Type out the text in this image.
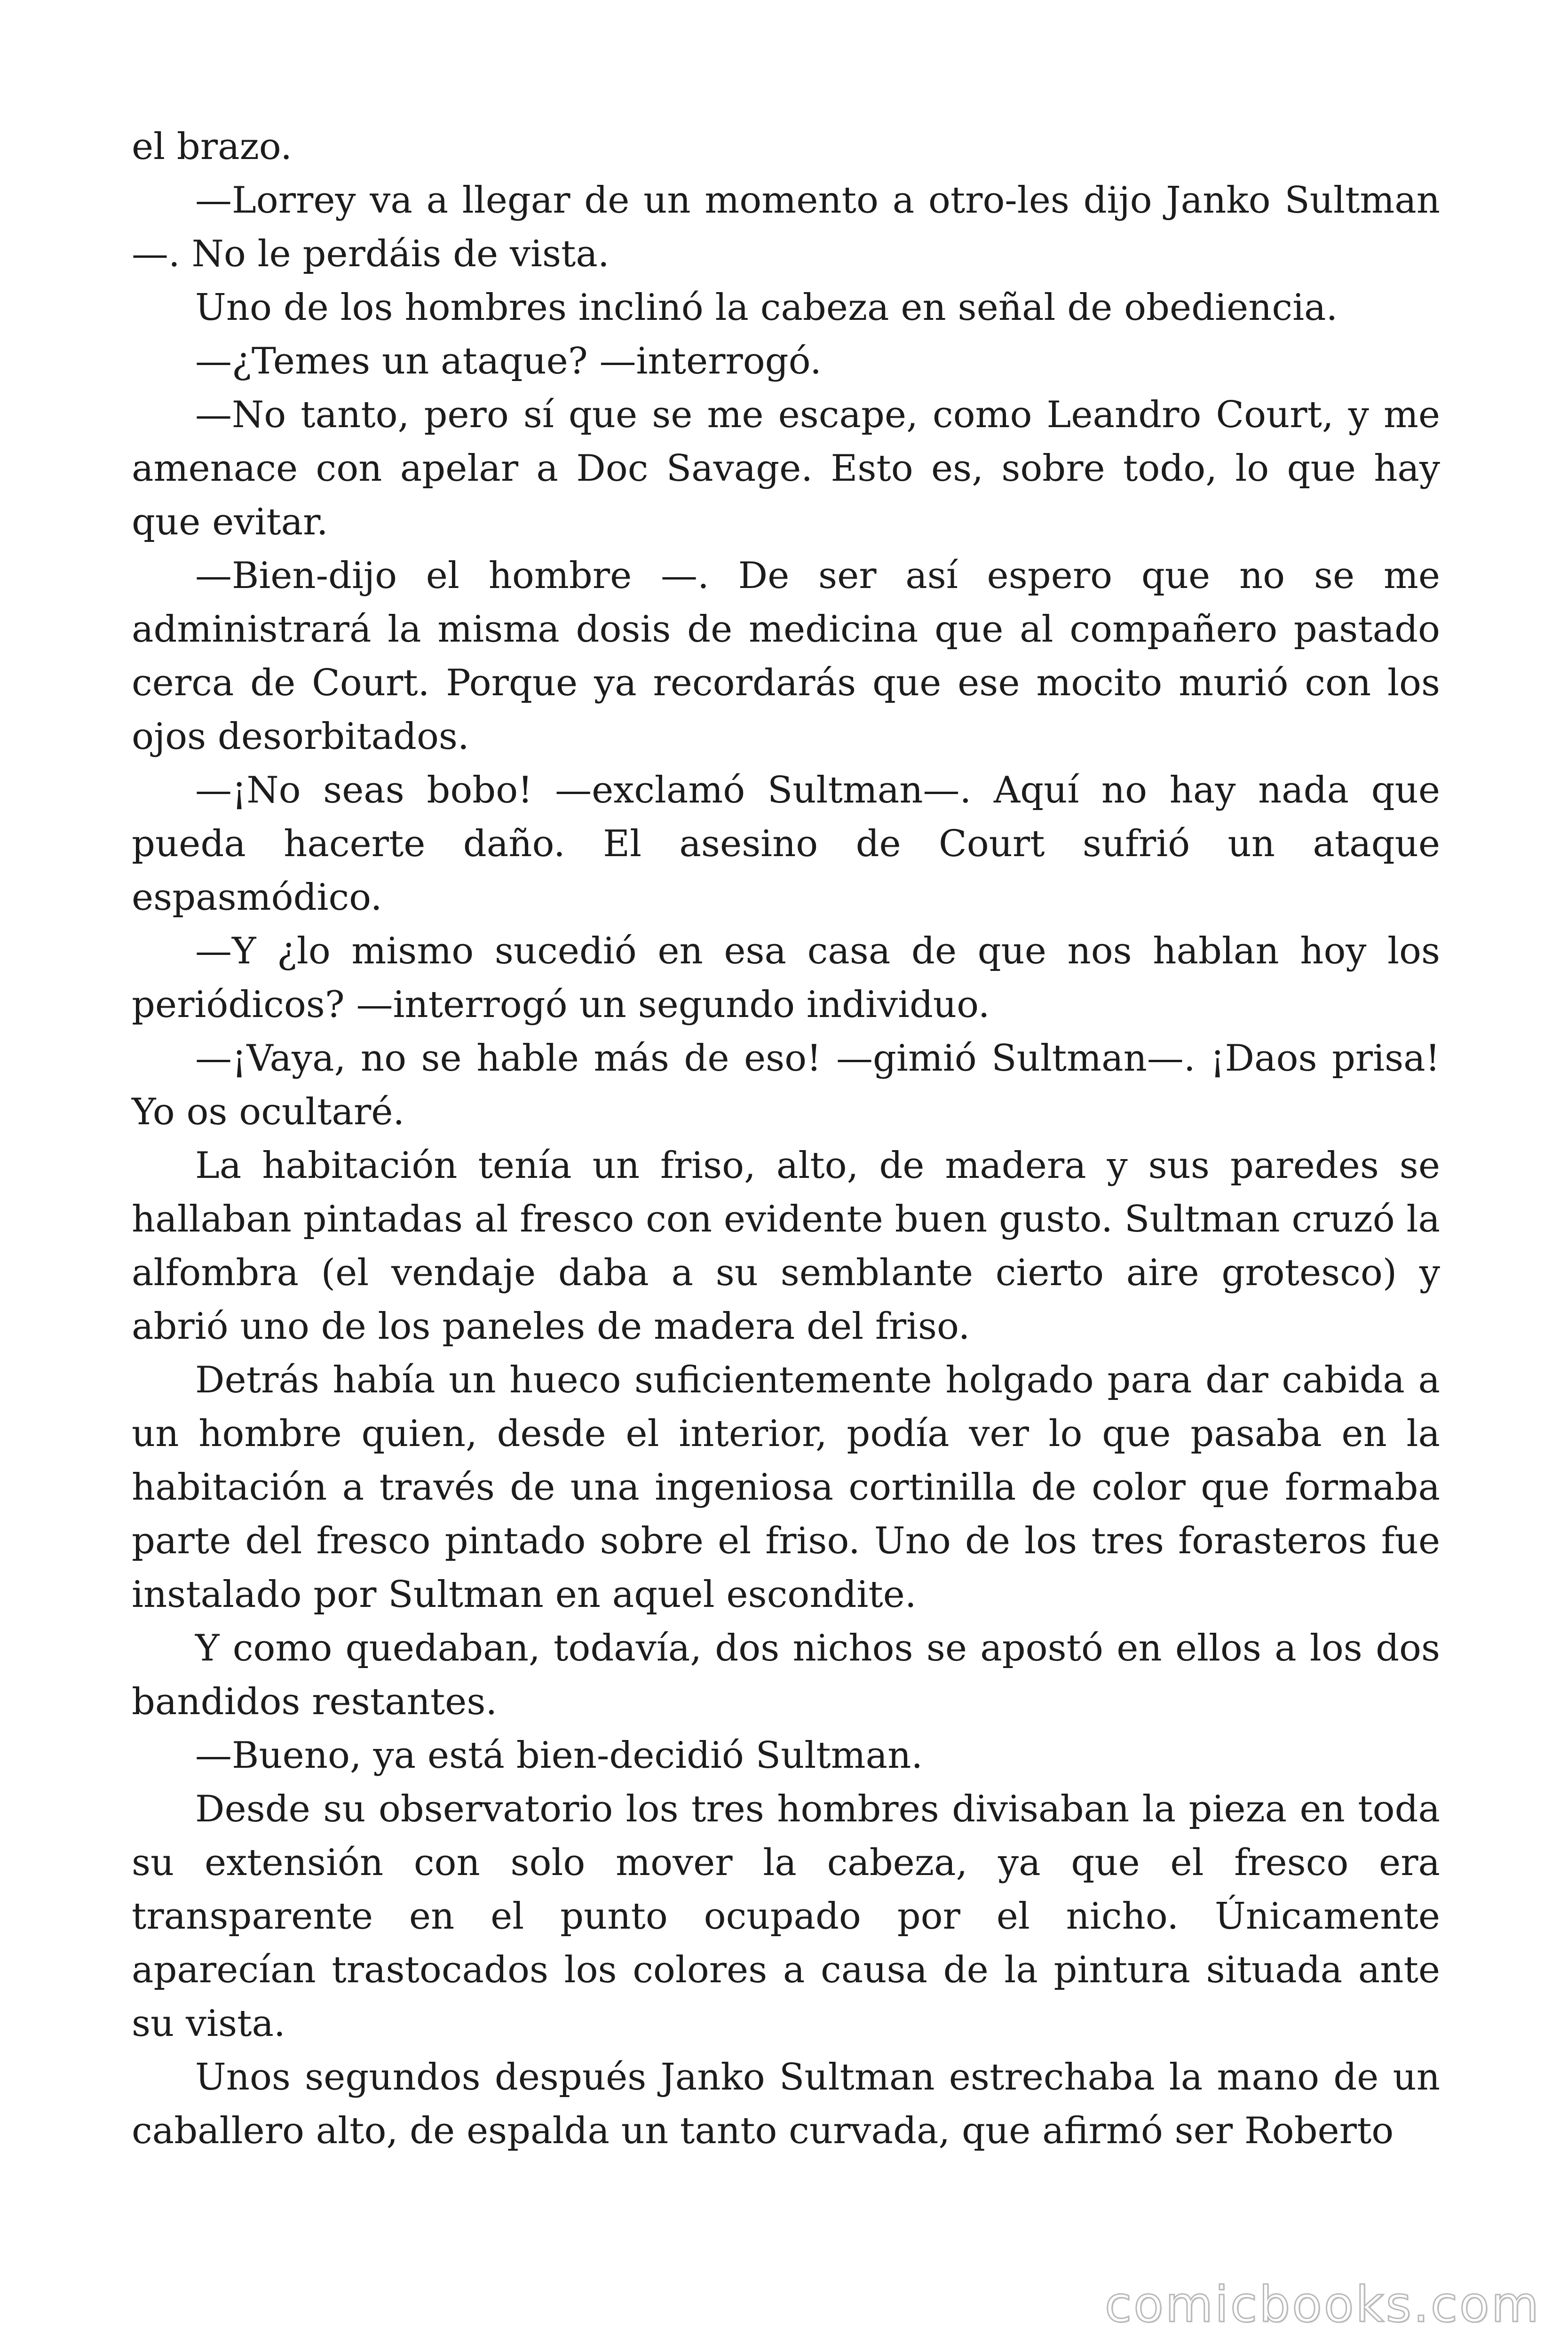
el brazo.

—Lorrey va a llegar de un momento a otro-les dijo Janko Sultman —. No le perdáis de vista.

Uno de los hombres inclinó la cabeza en señal de obediencia.

—¿Temes un ataque? —interrogó.

—No tanto, pero sí que se me escape, como Leandro Court, y me amenace con apelar a Doc Savage. Esto es, sobre todo, lo que hay que evitar.

—Bien-dijo el hombre —. De ser así espero que no se me administrará la misma dosis de medicina que al compañero pastado cerca de Court. Porque ya recordarás que ese mocito murió con los ojos desorbitados.

—¡No seas bobo! —exclamó Sultman—. Aquí no hay nada que pueda hacerte daño. El asesino de Court sufrió un ataque espasmódico.

—Y ¿lo mismo sucedió en esa casa de que nos hablan hoy los periódicos? —interrogó un segundo individuo.

—¡Vaya, no se hable más de eso! —gimió Sultman—. ¡Daos prisa! Yo os ocultaré.

La habitación tenía un friso, alto, de madera y sus paredes se hallaban pintadas al fresco con evidente buen gusto. Sultman cruzó la alfombra (el vendaje daba a su semblante cierto aire grotesco) y abrió uno de los paneles de madera del friso.

Detrás había un hueco suficientemente holgado para dar cabida a un hombre quien, desde el interior, podía ver lo que pasaba en la habitación a través de una ingeniosa cortinilla de color que formaba parte del fresco pintado sobre el friso. Uno de los tres forasteros fue instalado por Sultman en aquel escondite.

Y como quedaban, todavía, dos nichos se apostó en ellos a los dos bandidos restantes.

—Bueno, ya está bien-decidió Sultman.

Desde su observatorio los tres hombres divisaban la pieza en toda su extensión con solo mover la cabeza, ya que el fresco era transparente en el punto ocupado por el nicho. Únicamente aparecían trastocados los colores a causa de la pintura situada ante su vista.

Unos segundos después Janko Sultman estrechaba la mano de un caballero alto, de espalda un tanto curvada, que afirmó ser Roberto

comicbooks.com
